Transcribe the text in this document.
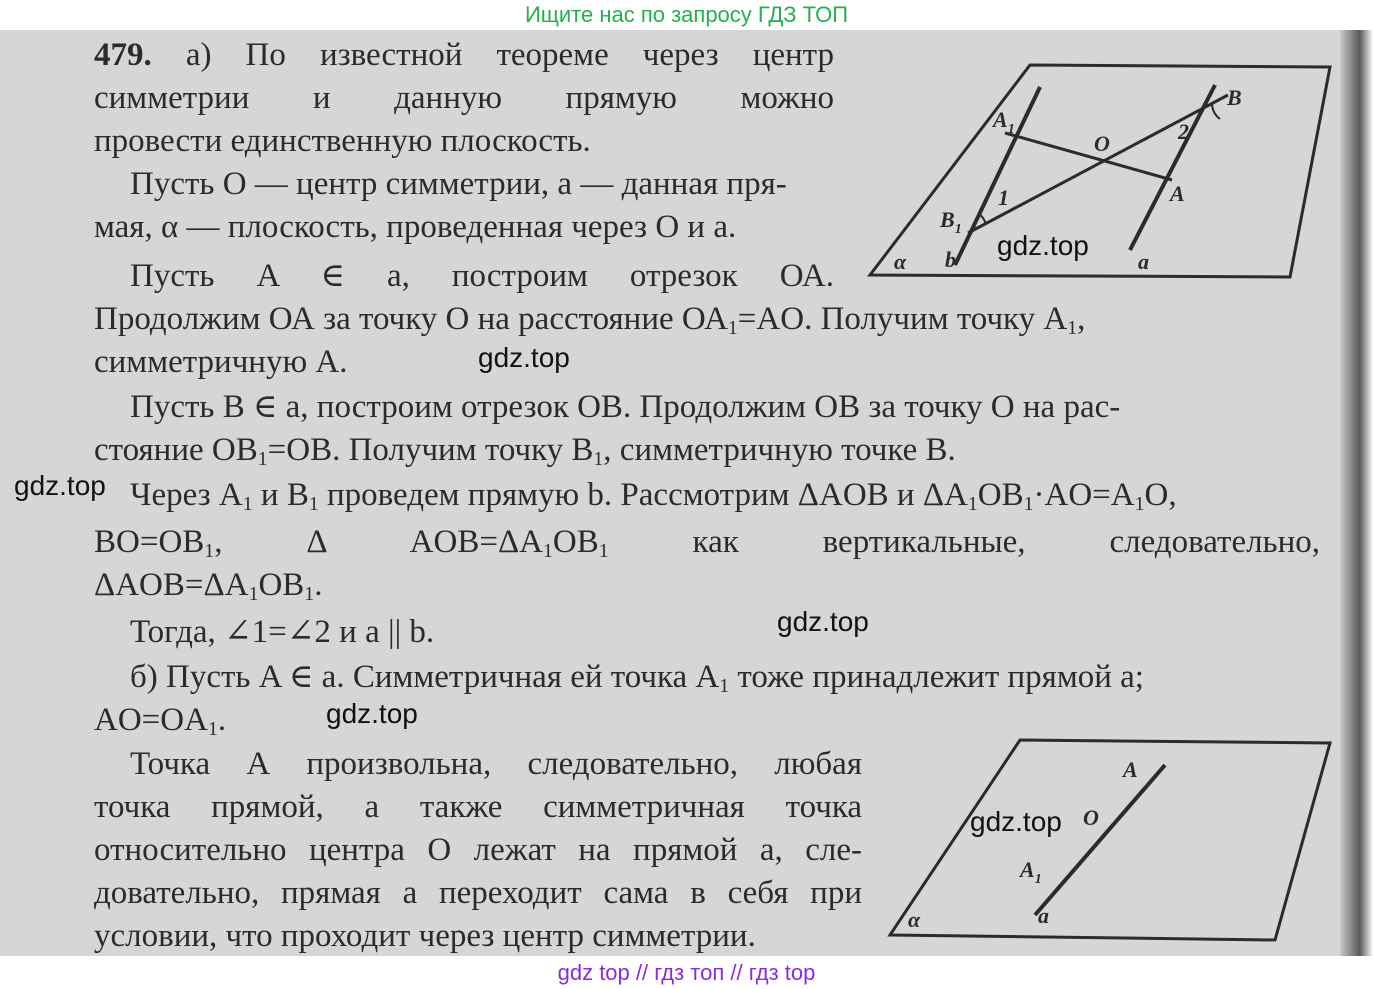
Ищите нас по запросу ГДЗ ТОП
479. а) По известной теореме через центр
симметрии и данную прямую можно
провести единственную плоскость.
Пусть О — центр симметрии, а — данная пря-
мая, α — плоскость, проведенная через О и а.
Пусть A ∈ a, построим отрезок ОА.
Продолжим ОА за точку О на расстояние $ОА_1=AO$. Получим точку $А_1$,
симметричную А.
Пусть В ∈ а, построим отрезок ОВ. Продолжим ОВ за точку О на рас-
стояние $OB_1=OB$. Получим точку $В_1$, симметричную точке В.
Через $А_1$ и $В_1$ проведем прямую b. Рассмотрим ΔAOB и $\Delta A_1OB_1\cdot AO=A_1O$,
$BO=OB_1$,	Δ	$AOB=\Delta A_1OB_1$	как	вертикальные,	следовательно,
$\Delta AOB=\Delta A_1OB_1$.
Тогда, ∠1=∠2 и а || b.
б) Пусть A ∈ а. Симметричная ей точка $А_1$ тоже принадлежит прямой а;
$AO=OA_1$.
Точка А произвольна, следовательно, любая
точка прямой, а также симметричная точка
относительно центра О лежат на прямой а, сле-
довательно, прямая а переходит сама в себя при
условии, что проходит через центр симметрии.
$A_1$
B
O	2
A
$B_1$
1
α b	a
A
O
$A_1$
α	a
gdz.top
gdz.top
gdz.top
gdz.top
gdz.top
gdz.top
gdz top // гдз топ // гдз top
